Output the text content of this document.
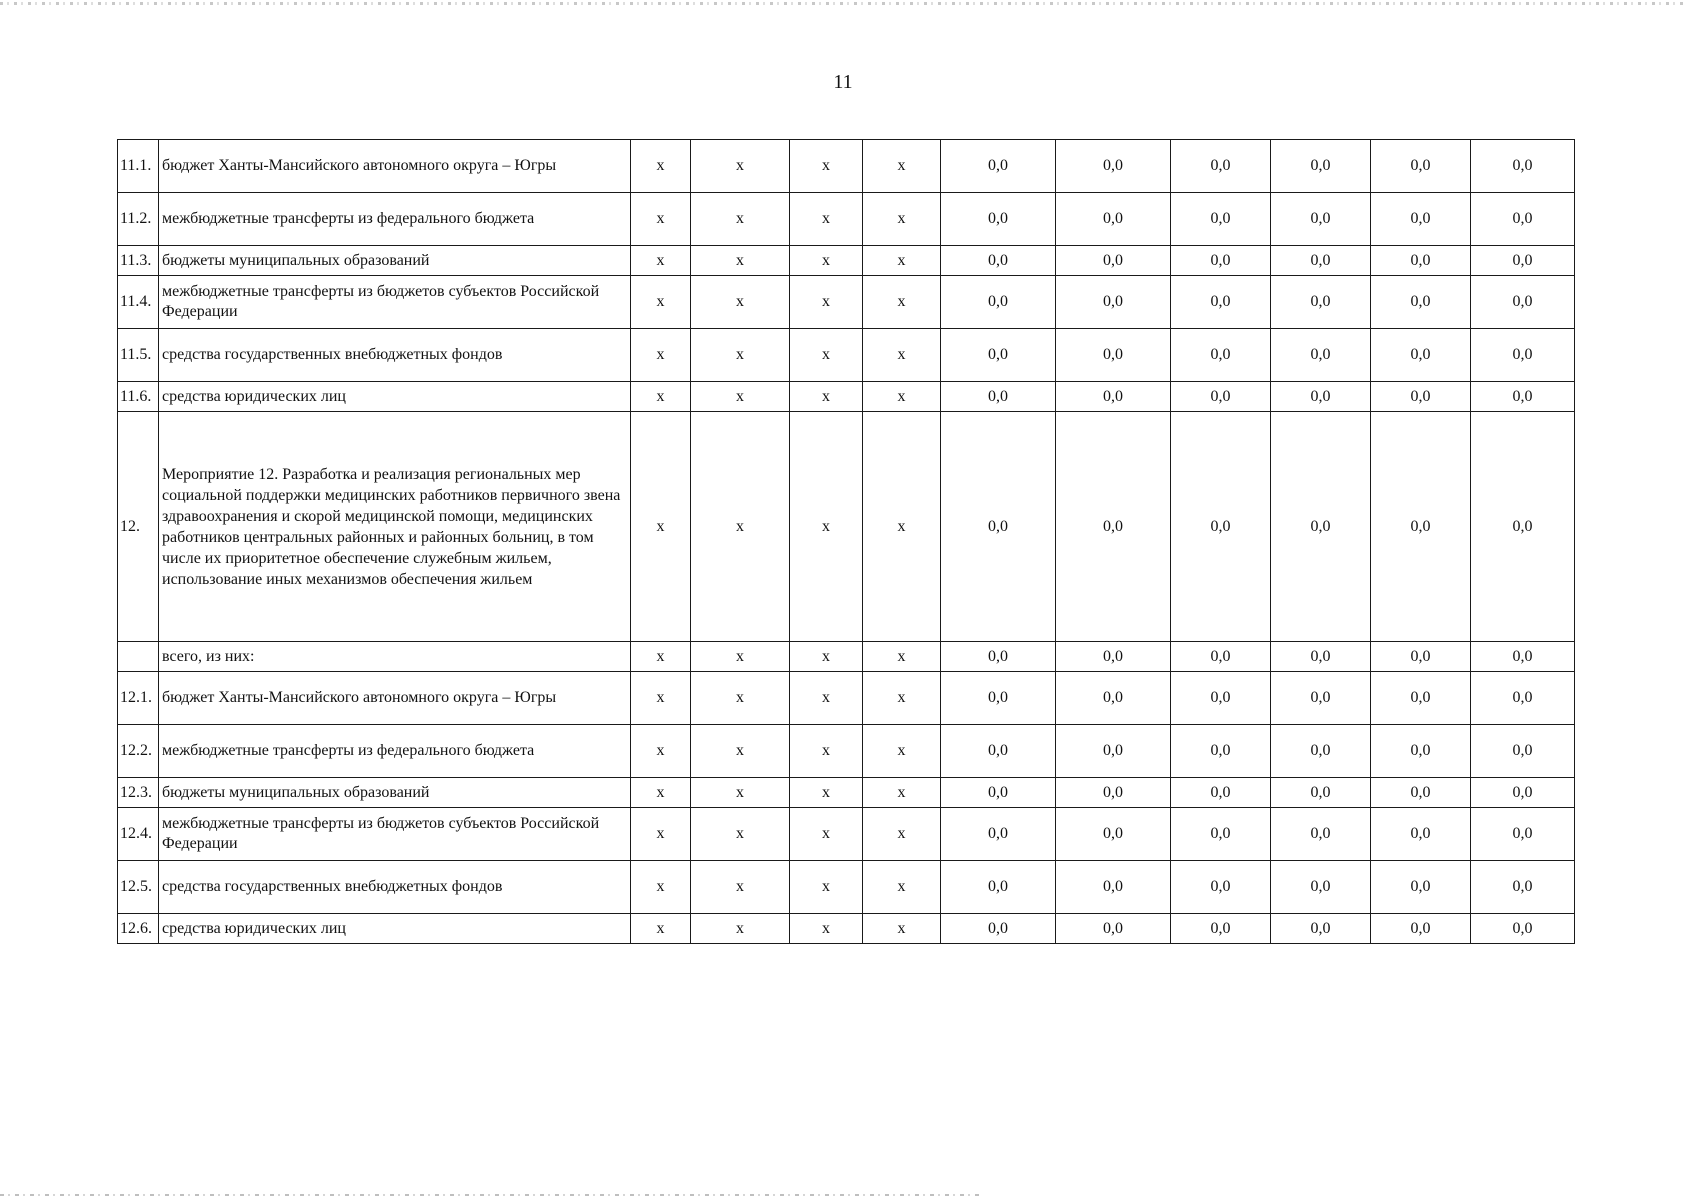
11
11.1.	бюджет Ханты-Мансийского автономного округа – Югры	x	x	x	x	0,0	0,0	0,0	0,0	0,0	0,0
11.2.	межбюджетные трансферты из федерального бюджета	x	x	x	x	0,0	0,0	0,0	0,0	0,0	0,0
11.3.	бюджеты муниципальных образований	x	x	x	x	0,0	0,0	0,0	0,0	0,0	0,0
11.4.	межбюджетные трансферты из бюджетов субъектов Российской Федерации	x	x	x	x	0,0	0,0	0,0	0,0	0,0	0,0
11.5.	средства государственных внебюджетных фондов	x	x	x	x	0,0	0,0	0,0	0,0	0,0	0,0
11.6.	средства юридических лиц	x	x	x	x	0,0	0,0	0,0	0,0	0,0	0,0
12.	Мероприятие 12. Разработка и реализация региональных мер социальной поддержки медицинских работников первичного звена здравоохранения и скорой медицинской помощи, медицинских работников центральных районных и районных больниц, в том числе их приоритетное обеспечение служебным жильем, использование иных механизмов обеспечения жильем	x	x	x	x	0,0	0,0	0,0	0,0	0,0	0,0
	всего, из них:	x	x	x	x	0,0	0,0	0,0	0,0	0,0	0,0
12.1.	бюджет Ханты-Мансийского автономного округа – Югры	x	x	x	x	0,0	0,0	0,0	0,0	0,0	0,0
12.2.	межбюджетные трансферты из федерального бюджета	x	x	x	x	0,0	0,0	0,0	0,0	0,0	0,0
12.3.	бюджеты муниципальных образований	x	x	x	x	0,0	0,0	0,0	0,0	0,0	0,0
12.4.	межбюджетные трансферты из бюджетов субъектов Российской Федерации	x	x	x	x	0,0	0,0	0,0	0,0	0,0	0,0
12.5.	средства государственных внебюджетных фондов	x	x	x	x	0,0	0,0	0,0	0,0	0,0	0,0
12.6.	средства юридических лиц	x	x	x	x	0,0	0,0	0,0	0,0	0,0	0,0
